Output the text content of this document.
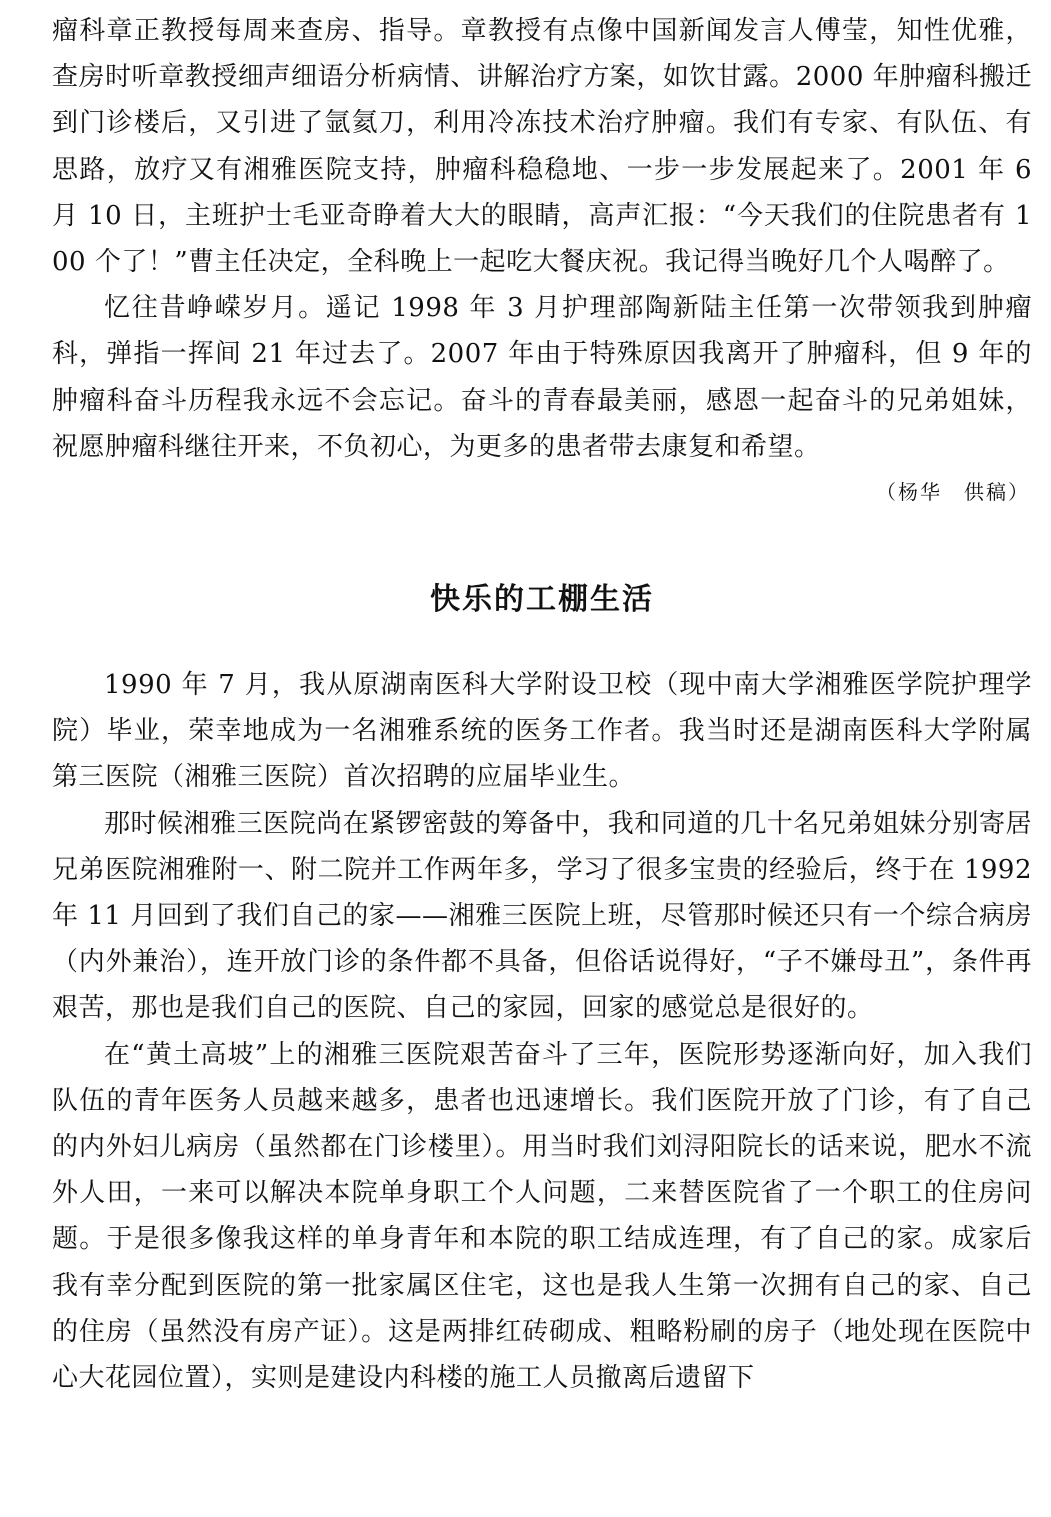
瘤科章正教授每周来查房、指导。章教授有点像中国新闻发言人傅莹，知性优雅，查房时听章教授细声细语分析病情、讲解治疗方案，如饮甘露。2000 年肿瘤科搬迁到门诊楼后，又引进了氩氦刀，利用冷冻技术治疗肿瘤。我们有专家、有队伍、有思路，放疗又有湘雅医院支持，肿瘤科稳稳地、一步一步发展起来了。2001 年 6 月 10 日，主班护士毛亚奇睁着大大的眼睛，高声汇报：“今天我们的住院患者有 100 个了！”曹主任决定，全科晚上一起吃大餐庆祝。我记得当晚好几个人喝醉了。

忆往昔峥嵘岁月。遥记 1998 年 3 月护理部陶新陆主任第一次带领我到肿瘤科，弹指一挥间 21 年过去了。2007 年由于特殊原因我离开了肿瘤科，但 9 年的肿瘤科奋斗历程我永远不会忘记。奋斗的青春最美丽，感恩一起奋斗的兄弟姐妹，祝愿肿瘤科继往开来，不负初心，为更多的患者带去康复和希望。

（杨华　供稿）

快乐的工棚生活

1990 年 7 月，我从原湖南医科大学附设卫校（现中南大学湘雅医学院护理学院）毕业，荣幸地成为一名湘雅系统的医务工作者。我当时还是湖南医科大学附属第三医院（湘雅三医院）首次招聘的应届毕业生。

那时候湘雅三医院尚在紧锣密鼓的筹备中，我和同道的几十名兄弟姐妹分别寄居兄弟医院湘雅附一、附二院并工作两年多，学习了很多宝贵的经验后，终于在 1992 年 11 月回到了我们自己的家——湘雅三医院上班，尽管那时候还只有一个综合病房（内外兼治），连开放门诊的条件都不具备，但俗话说得好，“子不嫌母丑”，条件再艰苦，那也是我们自己的医院、自己的家园，回家的感觉总是很好的。

在“黄土高坡”上的湘雅三医院艰苦奋斗了三年，医院形势逐渐向好，加入我们队伍的青年医务人员越来越多，患者也迅速增长。我们医院开放了门诊，有了自己的内外妇儿病房（虽然都在门诊楼里）。用当时我们刘浔阳院长的话来说，肥水不流外人田，一来可以解决本院单身职工个人问题，二来替医院省了一个职工的住房问题。于是很多像我这样的单身青年和本院的职工结成连理，有了自己的家。成家后我有幸分配到医院的第一批家属区住宅，这也是我人生第一次拥有自己的家、自己的住房（虽然没有房产证）。这是两排红砖砌成、粗略粉刷的房子（地处现在医院中心大花园位置），实则是建设内科楼的施工人员撤离后遗留下
